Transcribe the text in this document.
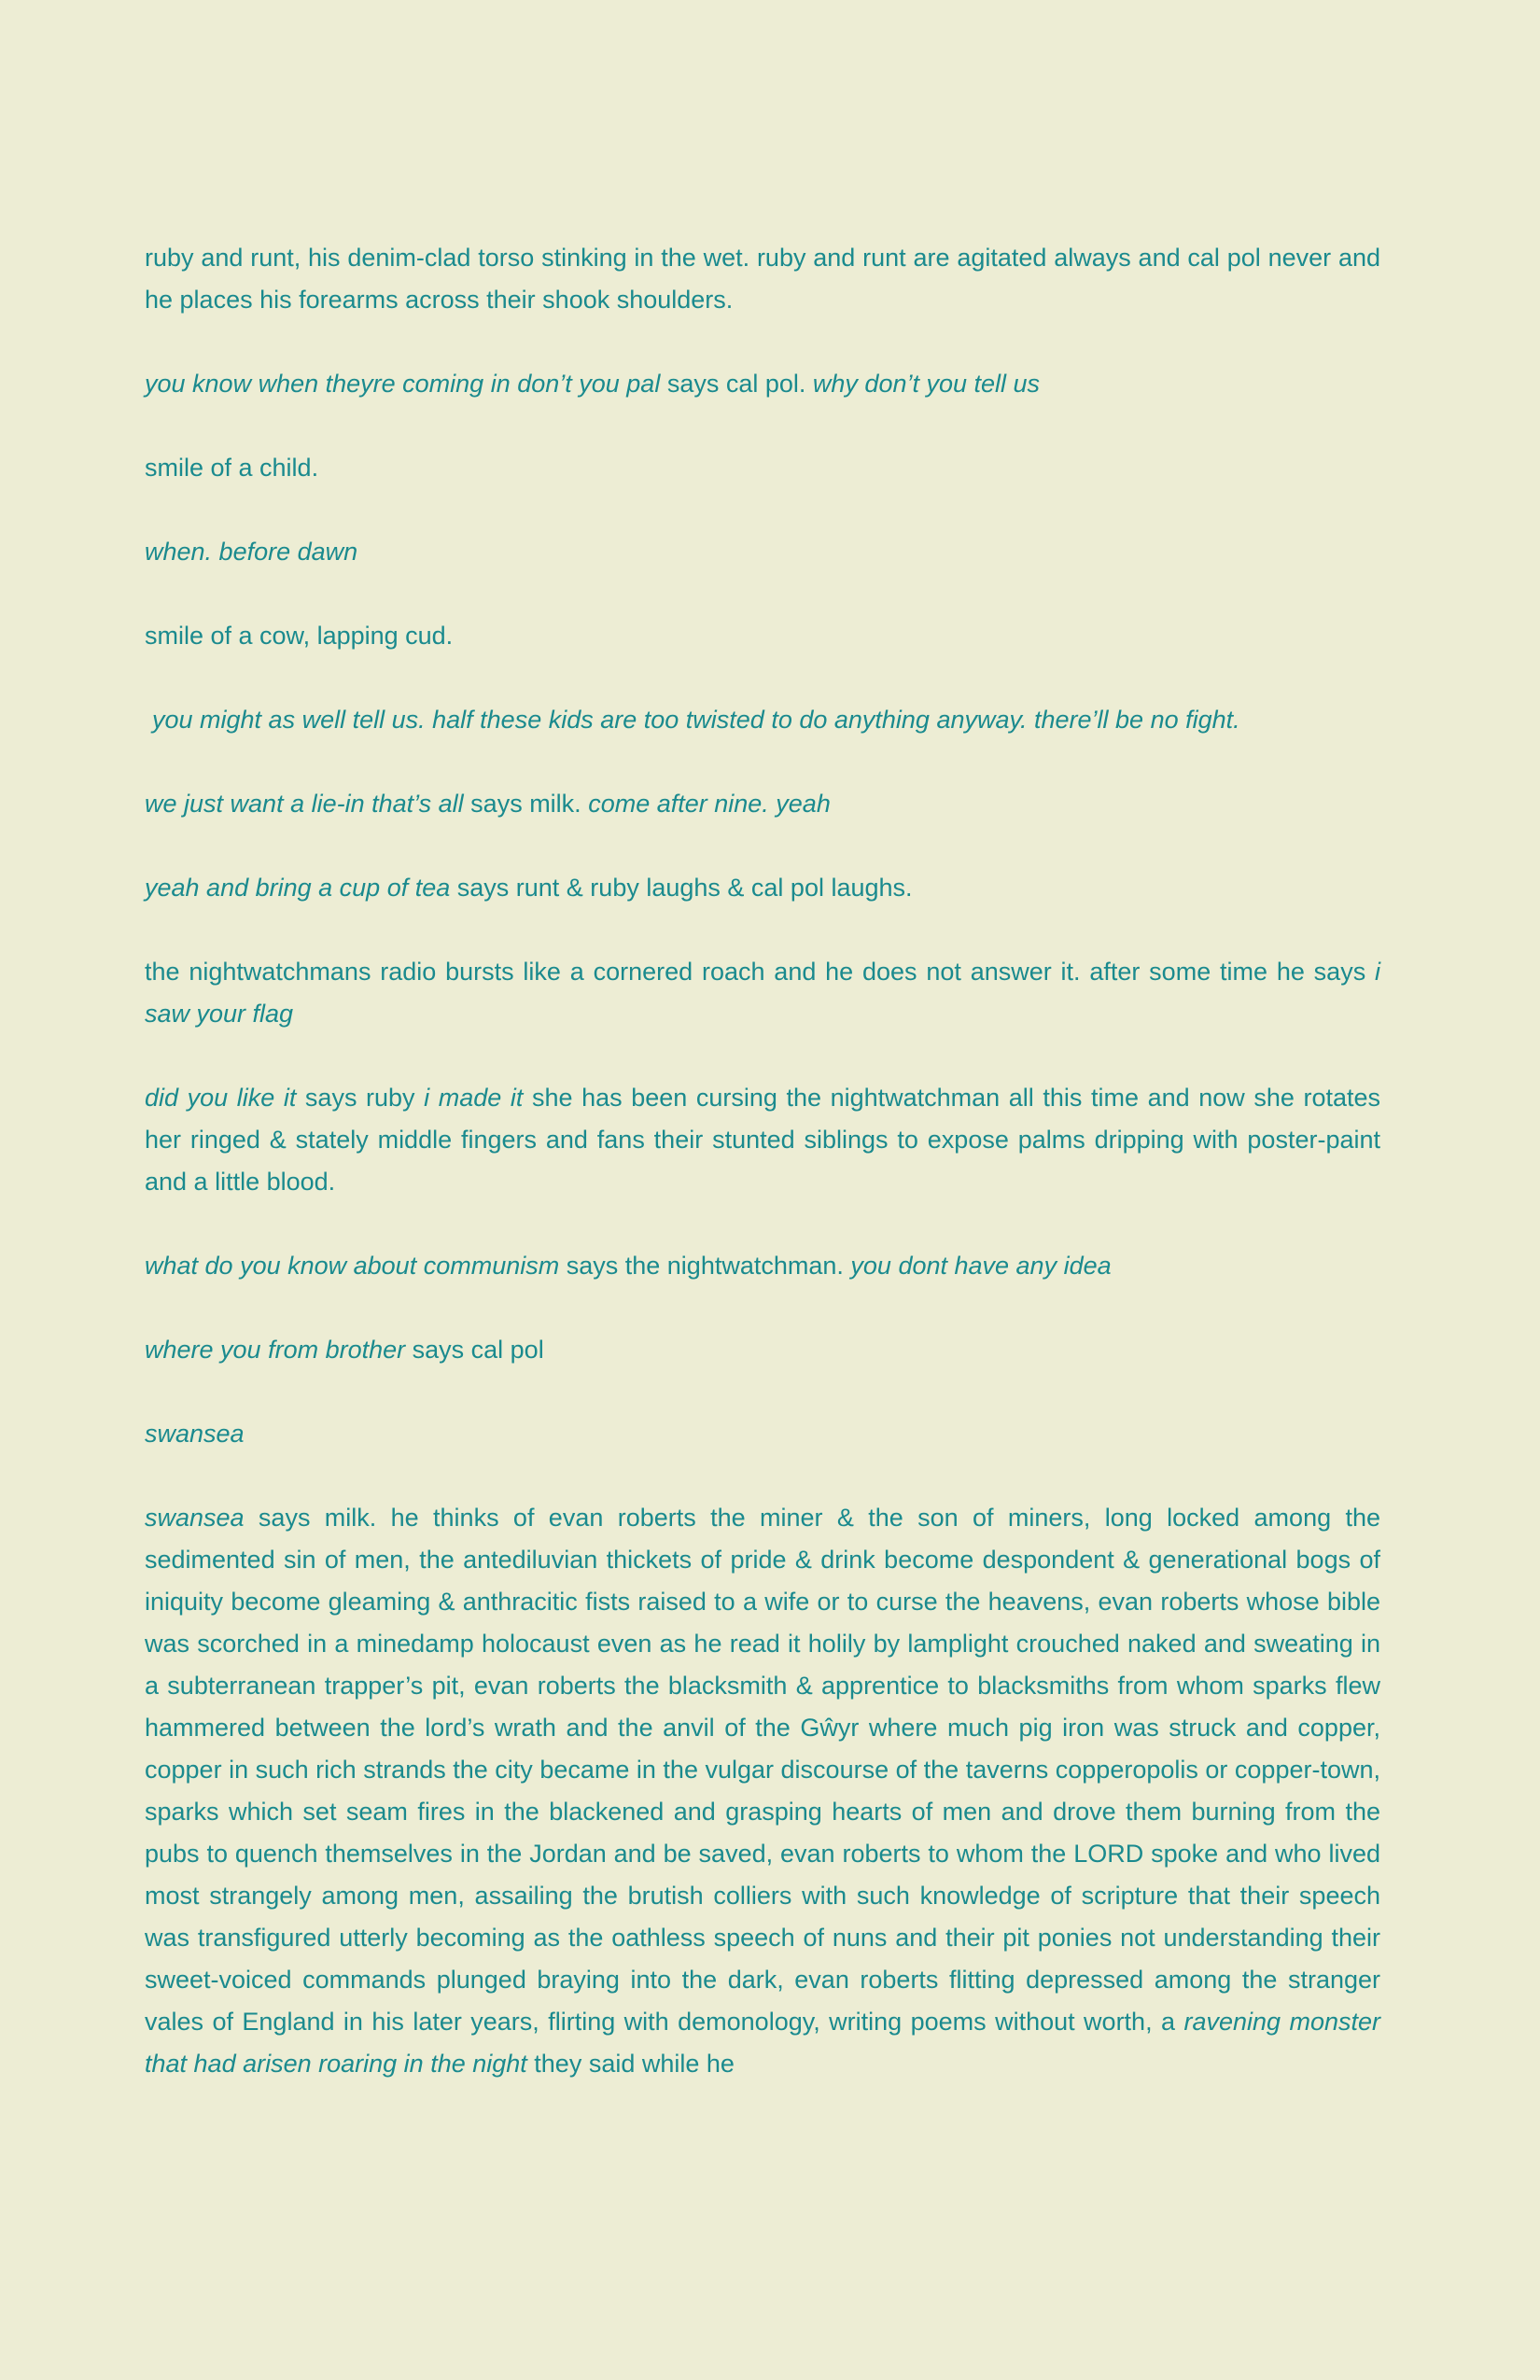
ruby and runt, his denim-clad torso stinking in the wet. ruby and runt are agitated always and cal pol never and he places his forearms across their shook shoulders.

you know when theyre coming in don’t you pal says cal pol. why don’t you tell us

smile of a child.

when. before dawn

smile of a cow, lapping cud.

you might as well tell us. half these kids are too twisted to do anything anyway. there’ll be no fight.

we just want a lie-in that’s all says milk. come after nine. yeah

yeah and bring a cup of tea says runt & ruby laughs & cal pol laughs.

the nightwatchmans radio bursts like a cornered roach and he does not answer it. after some time he says i saw your flag

did you like it says ruby i made it she has been cursing the nightwatchman all this time and now she rotates her ringed & stately middle fingers and fans their stunted siblings to expose palms dripping with poster-paint and a little blood.

what do you know about communism says the nightwatchman. you dont have any idea

where you from brother says cal pol

swansea

swansea says milk. he thinks of evan roberts the miner & the son of miners, long locked among the sedimented sin of men, the antediluvian thickets of pride & drink become despondent & generational bogs of iniquity become gleaming & anthracitic fists raised to a wife or to curse the heavens, evan roberts whose bible was scorched in a minedamp holocaust even as he read it holily by lamplight crouched naked and sweating in a subterranean trapper’s pit, evan roberts the blacksmith & apprentice to blacksmiths from whom sparks flew hammered between the lord’s wrath and the anvil of the Gŵyr where much pig iron was struck and copper, copper in such rich strands the city became in the vulgar discourse of the taverns copperopolis or copper-town, sparks which set seam fires in the blackened and grasping hearts of men and drove them burning from the pubs to quench themselves in the Jordan and be saved, evan roberts to whom the LORD spoke and who lived most strangely among men, assailing the brutish colliers with such knowledge of scripture that their speech was transfigured utterly becoming as the oathless speech of nuns and their pit ponies not understanding their sweet-voiced commands plunged braying into the dark, evan roberts flitting depressed among the stranger vales of England in his later years, flirting with demonology, writing poems without worth, a ravening monster that had arisen roaring in the night they said while he
